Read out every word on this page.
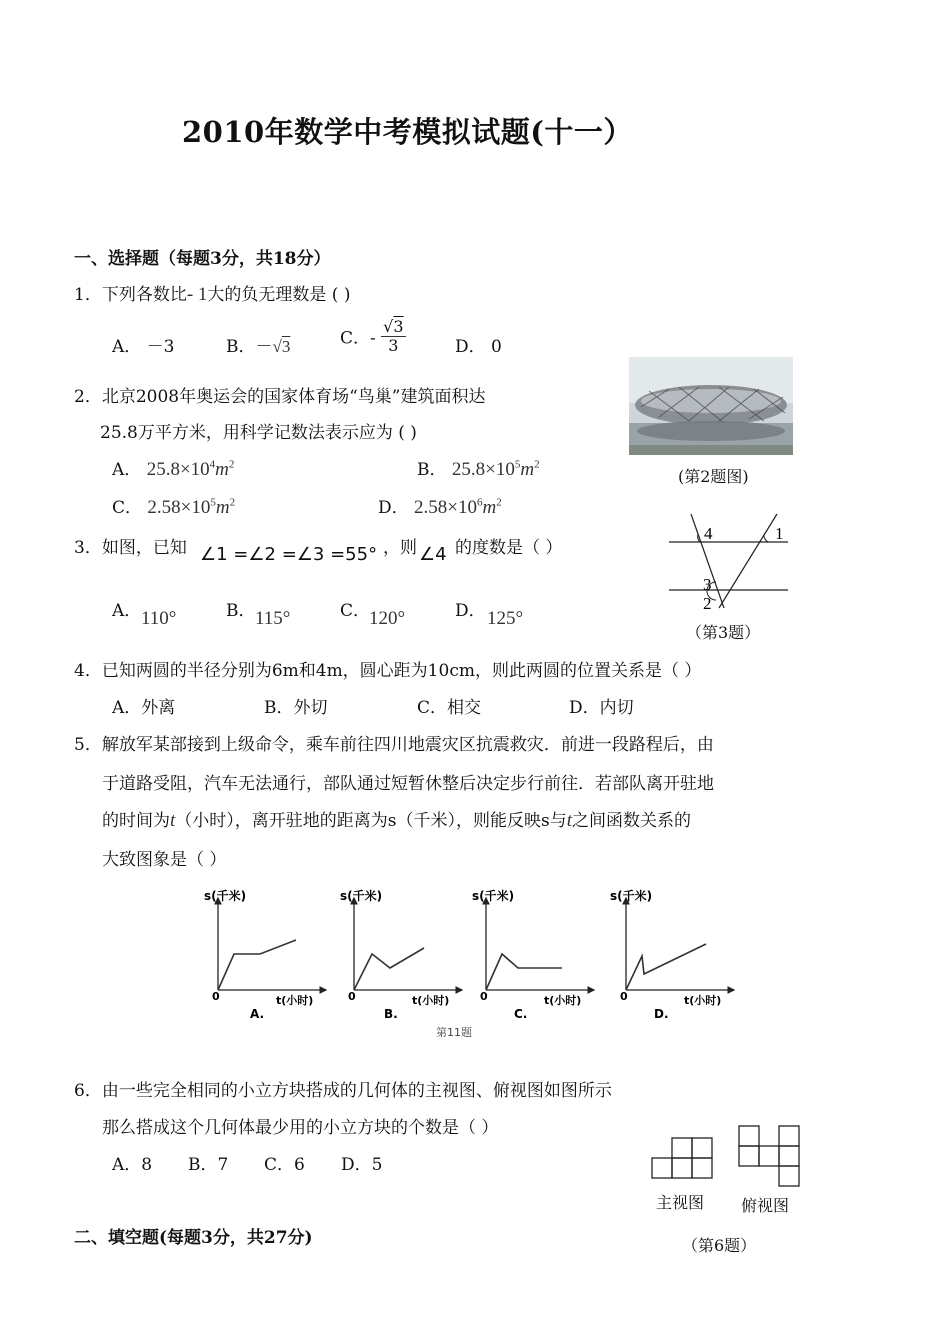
2010年数学中考模拟试题(十一）
一、选择题（每题3分，共18分）
1．下列各数比- 1大的负无理数是 ( )
A． －3	B．－√3	C．- $\frac{√3}{3}$	D． 0
2．北京2008年奥运会的国家体育场“鸟巢”建筑面积达
25.8万平方米，用科学记数法表示应为 ( )
A． $25.8\times 10^4m^2$	B． $25.8\times 10^5m^2$
C． $2.58\times 10^5m^2$	D． $2.58\times 10^6m^2$
(第2题图)
3．如图，已知 ∠1 =∠2 =∠3 =55° ，则 ∠4 的度数是（ ）
A． 110°	B． 115°	C．
120°	D． 125°
4	1
3
2
（第3题）
4．已知两圆的半径分别为6m和4m，圆心距为10cm，则此两圆的位置关系是（ ）
A．外离	B．外切	C．相交	D．内切
5．解放军某部接到上级命令，乘车前往四川地震灾区抗震救灾．前进一段路程后，由
于道路受阻，汽车无法通行，部队通过短暂休整后决定步行前往．若部队离开驻地
的时间为t（小时），离开驻地的距离为s（千米），则能反映s与t之间函数关系的
大致图象是（ ）
s(千米)
0	t(小时)
A.
s(千米)
0	t(小时)
B.
s(千米)
0	t(小时)
C.
s(千米)
0	t(小时)
D.
第11题
6．由一些完全相同的小立方块搭成的几何体的主视图、俯视图如图所示
那么搭成这个几何体最少用的小立方块的个数是（ ）
A．8 B．7 C．6 D．5
主视图 俯视图
（第6题）
二、填空题(每题3分，共27分)
